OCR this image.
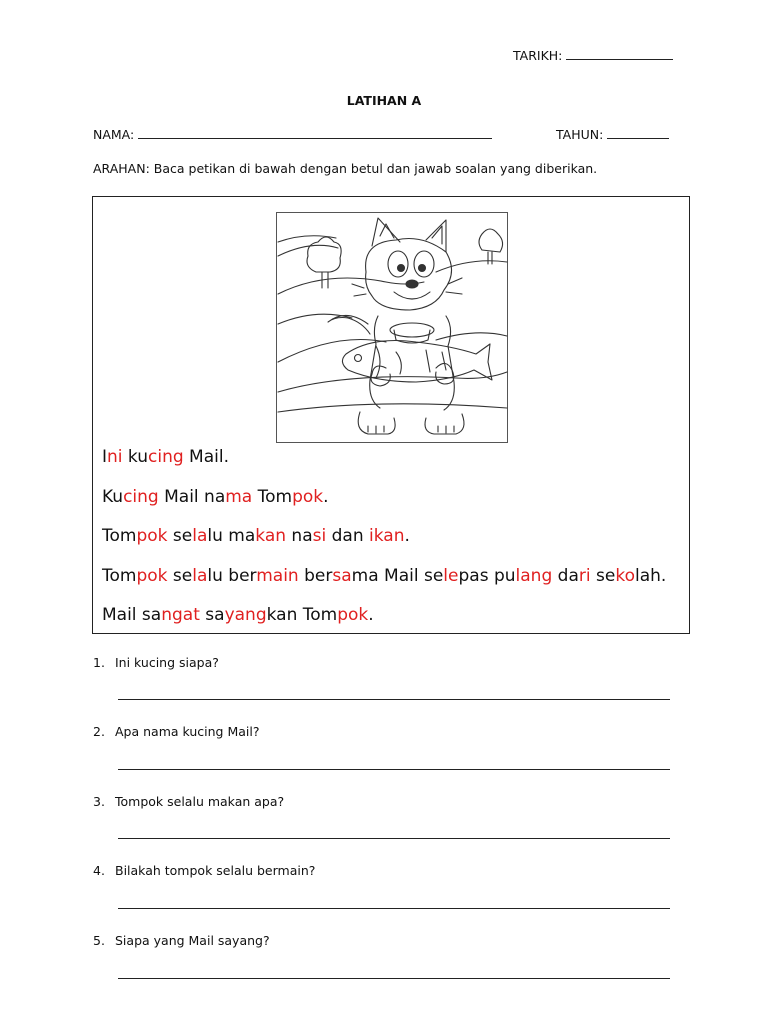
TARIKH:
LATIHAN A
NAMA:	TAHUN:
ARAHAN: Baca petikan di bawah dengan betul dan jawab soalan yang diberikan.
Ini kucing Mail.
Kucing Mail nama Tompok.
Tompok selalu makan nasi dan ikan.
Tompok selalu bermain bersama Mail selepas pulang dari sekolah.
Mail sangat sayangkan Tompok.
1. Ini kucing siapa?
2. Apa nama kucing Mail?
3. Tompok selalu makan apa?
4. Bilakah tompok selalu bermain?
5. Siapa yang Mail sayang?
